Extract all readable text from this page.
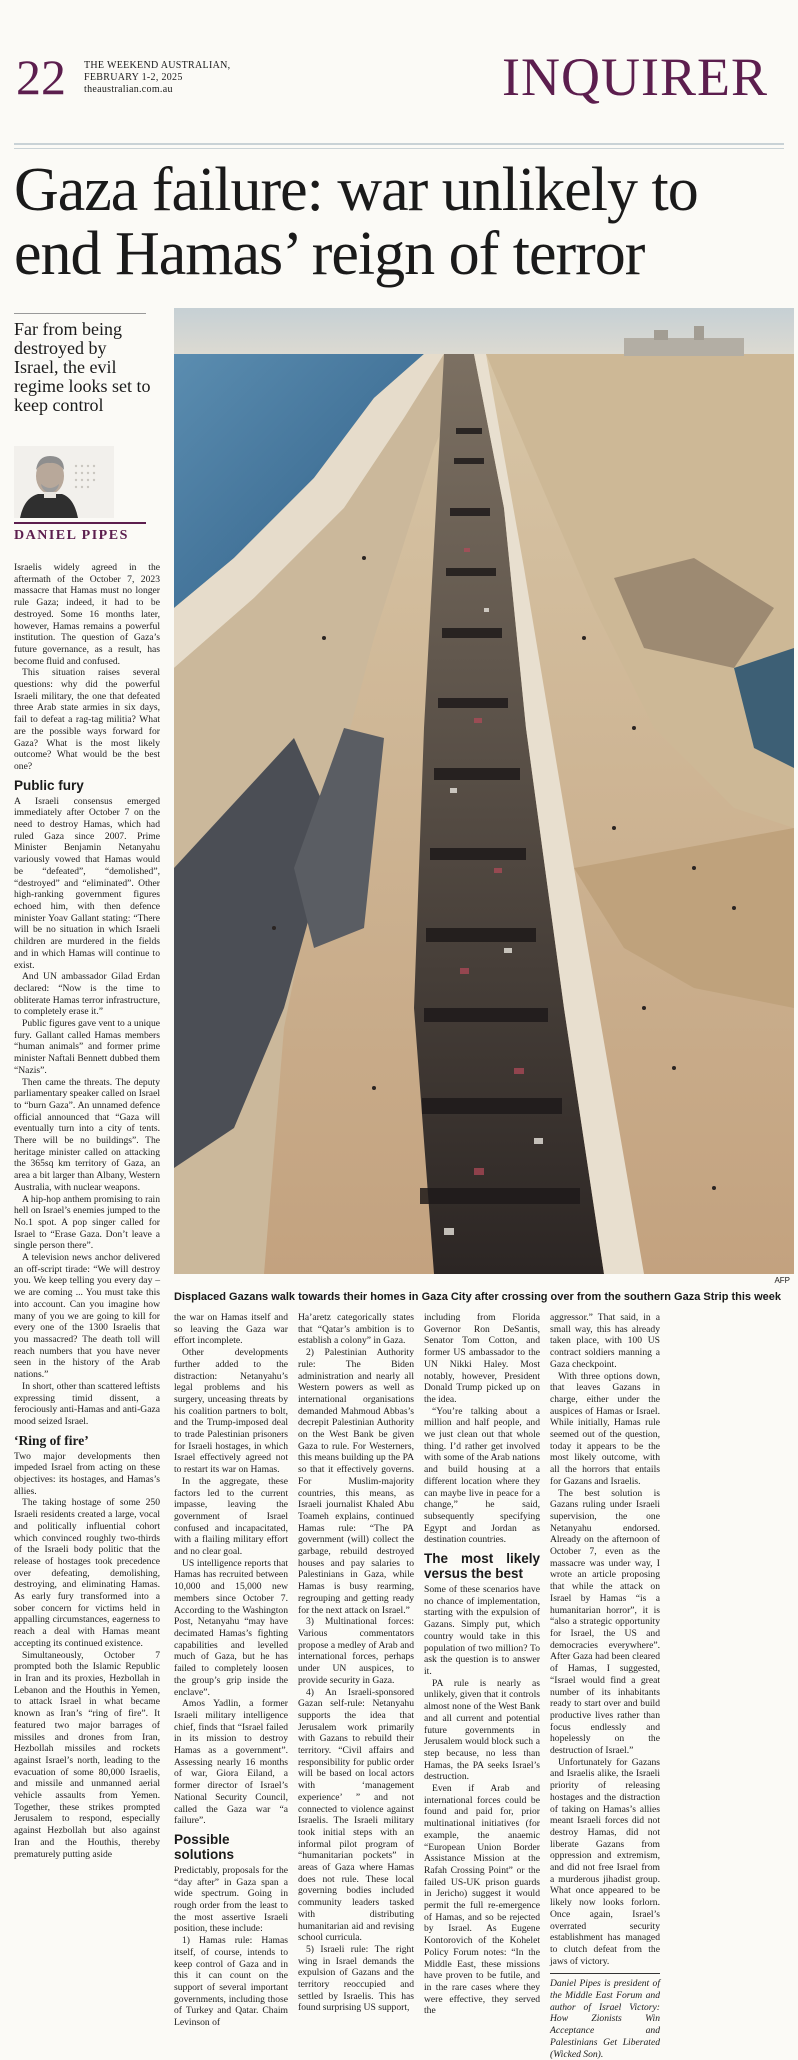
22 THE WEEKEND AUSTRALIAN,
FEBRUARY 1-2, 2025
theaustralian.com.au	INQUIRER
Gaza failure: war unlikely to end Hamas’ reign of terror
Far from being destroyed by Israel, the evil regime looks set to keep control
DANIEL PIPES
AFP
Displaced Gazans walk towards their homes in Gaza City after crossing over from the southern Gaza Strip this week

Israelis widely agreed in the aftermath of the October 7, 2023 massacre that Hamas must no longer rule Gaza; indeed, it had to be destroyed. Some 16 months later, however, Hamas remains a powerful institution. The question of Gaza’s future governance, as a result, has become fluid and confused.

This situation raises several questions: why did the powerful Israeli military, the one that defeated three Arab state armies in six days, fail to defeat a rag-tag militia? What are the possible ways forward for Gaza? What is the most likely outcome? What would be the best one?

Public fury

A Israeli consensus emerged immediately after October 7 on the need to destroy Hamas, which had ruled Gaza since 2007. Prime Minister Benjamin Netanyahu variously vowed that Hamas would be “defeated”, “demolished”, “destroyed” and “eliminated”. Other high-ranking government figures echoed him, with then defence minister Yoav Gallant stating: “There will be no situation in which Israeli children are murdered in the fields and in which Hamas will continue to exist.

And UN ambassador Gilad Erdan declared: “Now is the time to obliterate Hamas terror infrastructure, to completely erase it.”

Public figures gave vent to a unique fury. Gallant called Hamas members “human animals” and former prime minister Naftali Bennett dubbed them “Nazis”.

Then came the threats. The deputy parliamentary speaker called on Israel to “burn Gaza”. An unnamed defence official announced that “Gaza will eventually turn into a city of tents. There will be no buildings”. The heritage minister called on attacking the 365sq km territory of Gaza, an area a bit larger than Albany, Western Australia, with nuclear weapons.

A hip-hop anthem promising to rain hell on Israel’s enemies jumped to the No.1 spot. A pop singer called for Israel to “Erase Gaza. Don’t leave a single person there”.

A television news anchor delivered an off-script tirade: “We will destroy you. We keep telling you every day – we are coming ... You must take this into account. Can you imagine how many of you we are going to kill for every one of the 1300 Israelis that you massacred? The death toll will reach numbers that you have never seen in the history of the Arab nations.”

In short, other than scattered leftists expressing timid dissent, a ferociously anti-Hamas and anti-Gaza mood seized Israel.

‘Ring of fire’

Two major developments then impeded Israel from acting on these objectives: its hostages, and Hamas’s allies.

The taking hostage of some 250 Israeli residents created a large, vocal and politically influential cohort which convinced roughly two-thirds of the Israeli body politic that the release of hostages took precedence over defeating, demolishing, destroying, and eliminating Hamas. As early fury transformed into a sober concern for victims held in appalling circumstances, eagerness to reach a deal with Hamas meant accepting its continued existence.

Simultaneously, October 7 prompted both the Islamic Republic in Iran and its proxies, Hezbollah in Lebanon and the Houthis in Yemen, to attack Israel in what became known as Iran’s “ring of fire”. It featured two major barrages of missiles and drones from Iran, Hezbollah missiles and rockets against Israel’s north, leading to the evacuation of some 80,000 Israelis, and missile and unmanned aerial vehicle assaults from Yemen. Together, these strikes prompted Jerusalem to respond, especially against Hezbollah but also against Iran and the Houthis, thereby prematurely putting aside

the war on Hamas itself and so leaving the Gaza war effort incomplete.

Other developments further added to the distraction: Netanyahu’s legal problems and his surgery, unceasing threats by his coalition partners to bolt, and the Trump-imposed deal to trade Palestinian prisoners for Israeli hostages, in which Israel effectively agreed not to restart its war on Hamas.

In the aggregate, these factors led to the current impasse, leaving the government of Israel confused and incapacitated, with a flailing military effort and no clear goal.

US intelligence reports that Hamas has recruited between 10,000 and 15,000 new members since October 7. According to the Washington Post, Netanyahu “may have decimated Hamas’s fighting capabilities and levelled much of Gaza, but he has failed to completely loosen the group’s grip inside the enclave”.

Amos Yadlin, a former Israeli military intelligence chief, finds that “Israel failed in its mission to destroy Hamas as a government”. Assessing nearly 16 months of war, Giora Eiland, a former director of Israel’s National Security Council, called the Gaza war “a failure”.

Possible solutions

Predictably, proposals for the “day after” in Gaza span a wide spectrum. Going in rough order from the least to the most assertive Israeli position, these include:

1) Hamas rule: Hamas itself, of course, intends to keep control of Gaza and in this it can count on the support of several important governments, including those of Turkey and Qatar. Chaim Levinson of

Ha’aretz categorically states that “Qatar’s ambition is to establish a colony” in Gaza.

2) Palestinian Authority rule: The Biden administration and nearly all Western powers as well as international organisations demanded Mahmoud Abbas’s decrepit Palestinian Authority on the West Bank be given Gaza to rule. For Westerners, this means building up the PA so that it effectively governs. For Muslim-majority countries, this means, as Israeli journalist Khaled Abu Toameh explains, continued Hamas rule: “The PA government (will) collect the garbage, rebuild destroyed houses and pay salaries to Palestinians in Gaza, while Hamas is busy rearming, regrouping and getting ready for the next attack on Israel.”

3) Multinational forces: Various commentators propose a medley of Arab and international forces, perhaps under UN auspices, to provide security in Gaza.

4) An Israeli-sponsored Gazan self-rule: Netanyahu supports the idea that Jerusalem work primarily with Gazans to rebuild their territory. “Civil affairs and responsibility for public order will be based on local actors with ‘management experience’ ” and not connected to violence against Israelis. The Israeli military took initial steps with an informal pilot program of “humanitarian pockets” in areas of Gaza where Hamas does not rule. These local governing bodies included community leaders tasked with distributing humanitarian aid and revising school curricula.

5) Israeli rule: The right wing in Israel demands the expulsion of Gazans and the territory reoccupied and settled by Israelis. This has found surprising US support,

including from Florida Governor Ron DeSantis, Senator Tom Cotton, and former US ambassador to the UN Nikki Haley. Most notably, however, President Donald Trump picked up on the idea.

“You’re talking about a million and half people, and we just clean out that whole thing. I’d rather get involved with some of the Arab nations and build housing at a different location where they can maybe live in peace for a change,” he said, subsequently specifying Egypt and Jordan as destination countries.

The most likely versus the best

Some of these scenarios have no chance of implementation, starting with the expulsion of Gazans. Simply put, which country would take in this population of two million? To ask the question is to answer it.

PA rule is nearly as unlikely, given that it controls almost none of the West Bank and all current and potential future governments in Jerusalem would block such a step because, no less than Hamas, the PA seeks Israel’s destruction.

Even if Arab and international forces could be found and paid for, prior multinational initiatives (for example, the anaemic “European Union Border Assistance Mission at the Rafah Crossing Point” or the failed US-UK prison guards in Jericho) suggest it would permit the full re-emergence of Hamas, and so be rejected by Israel. As Eugene Kontorovich of the Kohelet Policy Forum notes: “In the Middle East, these missions have proven to be futile, and in the rare cases where they were effective, they served the

aggressor.” That said, in a small way, this has already taken place, with 100 US contract soldiers manning a Gaza checkpoint.

With three options down, that leaves Gazans in charge, either under the auspices of Hamas or Israel. While initially, Hamas rule seemed out of the question, today it appears to be the most likely outcome, with all the horrors that entails for Gazans and Israelis.

The best solution is Gazans ruling under Israeli supervision, the one Netanyahu endorsed. Already on the afternoon of October 7, even as the massacre was under way, I wrote an article proposing that while the attack on Israel by Hamas “is a humanitarian horror”, it is “also a strategic opportunity for Israel, the US and democracies everywhere”. After Gaza had been cleared of Hamas, I suggested, “Israel would find a great number of its inhabitants ready to start over and build productive lives rather than focus endlessly and hopelessly on the destruction of Israel.”

Unfortunately for Gazans and Israelis alike, the Israeli priority of releasing hostages and the distraction of taking on Hamas’s allies meant Israeli forces did not destroy Hamas, did not liberate Gazans from oppression and extremism, and did not free Israel from a murderous jihadist group. What once appeared to be likely now looks forlorn. Once again, Israel’s overrated security establishment has managed to clutch defeat from the jaws of victory.

Daniel Pipes is president of the Middle East Forum and author of Israel Victory: How Zionists Win Acceptance and Palestinians Get Liberated (Wicked Son).
